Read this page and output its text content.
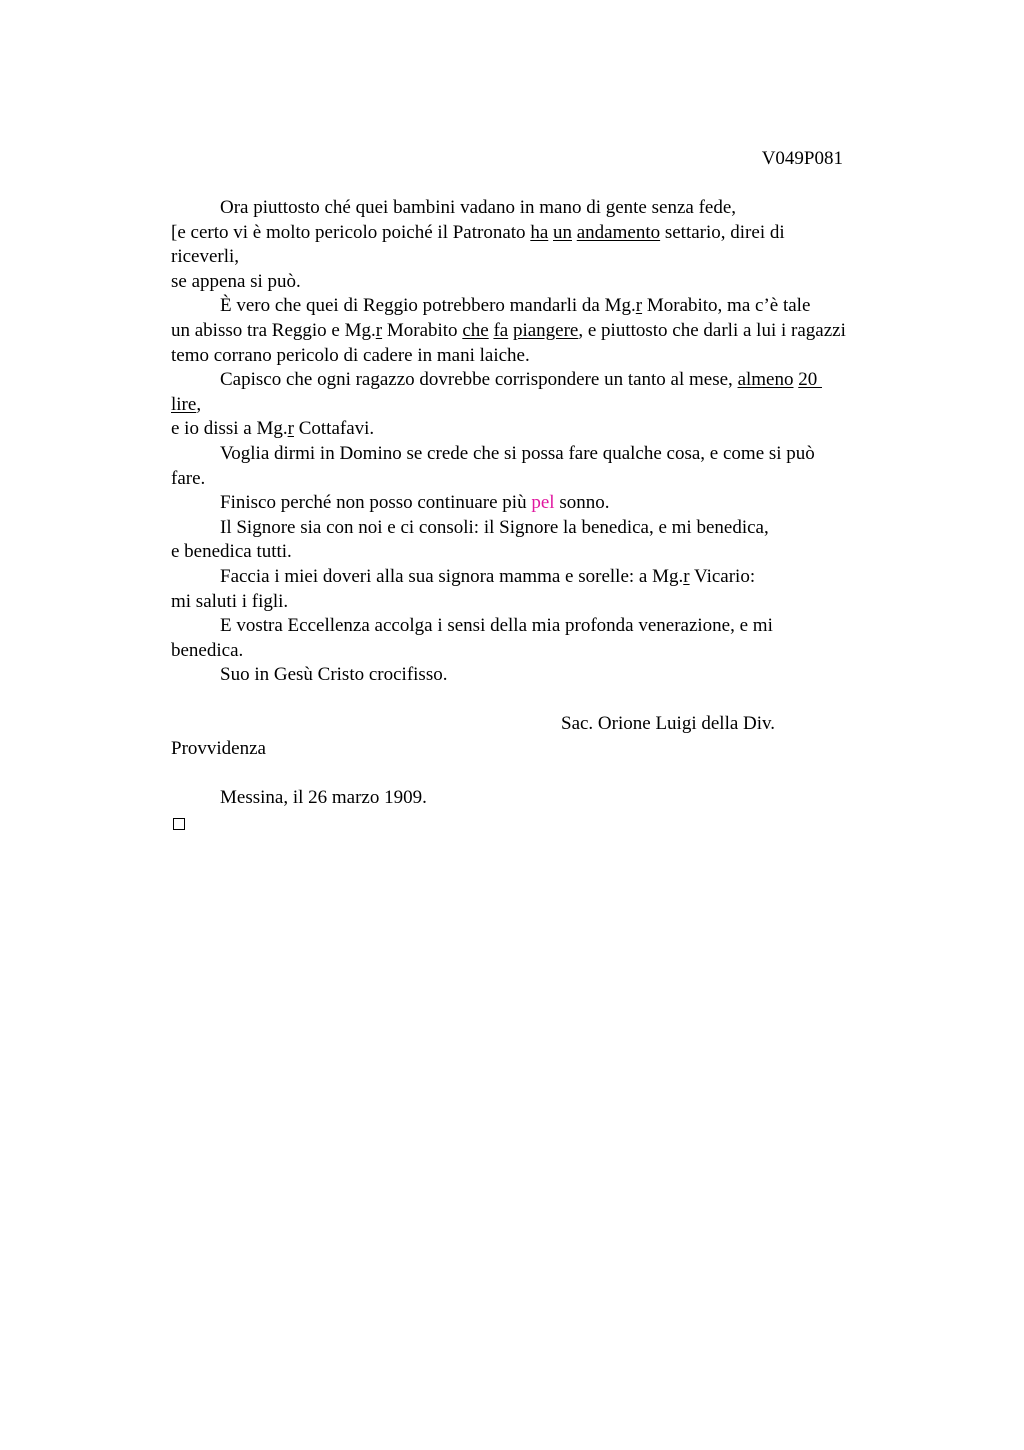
V049P081
Ora piuttosto ché quei bambini vadano in mano di gente senza fede,
[e certo vi è molto pericolo poiché il Patronato ha un andamento settario, direi di
riceverli,
se appena si può.
È vero che quei di Reggio potrebbero mandarli da Mg.r Morabito, ma c’è tale
un abisso tra Reggio e Mg.r Morabito che fa piangere, e piuttosto che darli a lui i ragazzi
temo corrano pericolo di cadere in mani laiche.
Capisco che ogni ragazzo dovrebbe corrispondere un tanto al mese, almeno 20
lire,
e io dissi a Mg.r Cottafavi.
Voglia dirmi in Domino se crede che si possa fare qualche cosa, e come si può
fare.
Finisco perché non posso continuare più pel sonno.
Il Signore sia con noi e ci consoli: il Signore la benedica, e mi benedica,
e benedica tutti.
Faccia i miei doveri alla sua signora mamma e sorelle: a Mg.r Vicario:
mi saluti i figli.
E vostra Eccellenza accolga i sensi della mia profonda venerazione, e mi
benedica.
Suo in Gesù Cristo crocifisso.
Sac. Orione Luigi della Div.
Provvidenza
Messina, il 26 marzo 1909.
